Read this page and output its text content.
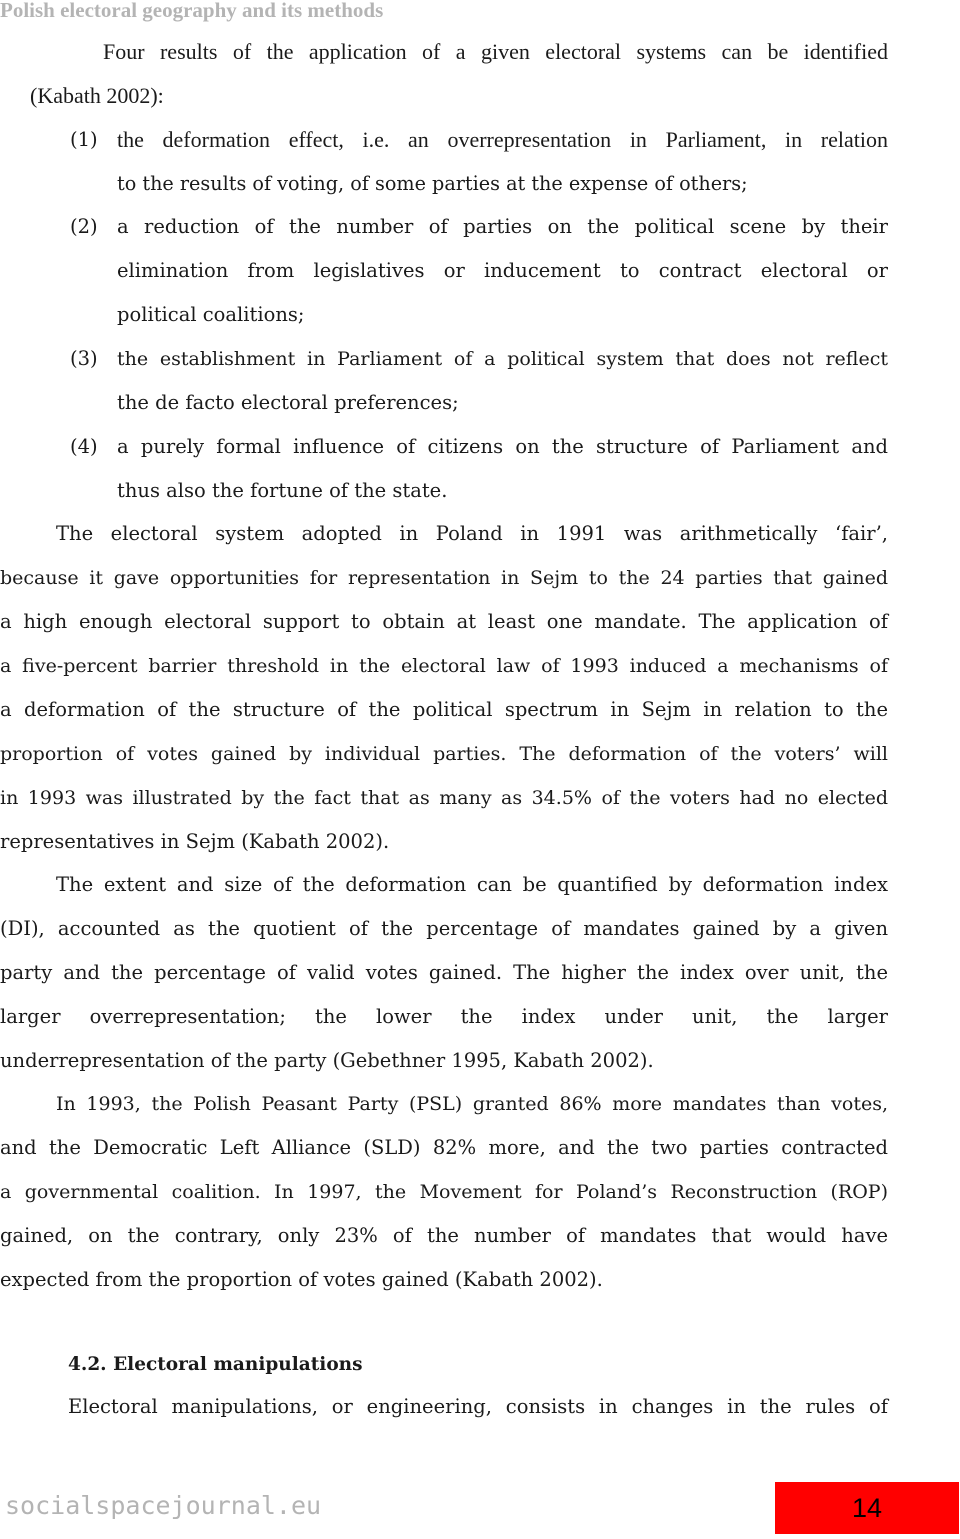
Polish electoral geography and its methods
Four results of the application of a given electoral systems can be identified
(Kabath 2002):
(1) the deformation effect, i.e. an overrepresentation in Parliament, in relation
to the results of voting, of some parties at the expense of others;
(2) a reduction of the number of parties on the political scene by their
elimination from legislatives or inducement to contract electoral or
political coalitions;
(3) the establishment in Parliament of a political system that does not reflect
the de facto electoral preferences;
(4) a purely formal influence of citizens on the structure of Parliament and
thus also the fortune of the state.
The electoral system adopted in Poland in 1991 was arithmetically ‘fair’,
because it gave opportunities for representation in Sejm to the 24 parties that gained
a high enough electoral support to obtain at least one mandate. The application of
a five-percent barrier threshold in the electoral law of 1993 induced a mechanisms of
a deformation of the structure of the political spectrum in Sejm in relation to the
proportion of votes gained by individual parties. The deformation of the voters’ will
in 1993 was illustrated by the fact that as many as 34.5% of the voters had no elected
representatives in Sejm (Kabath 2002).
The extent and size of the deformation can be quantified by deformation index
(DI), accounted as the quotient of the percentage of mandates gained by a given
party and the percentage of valid votes gained. The higher the index over unit, the
larger overrepresentation; the lower the index under unit, the larger
underrepresentation of the party (Gebethner 1995, Kabath 2002).
In 1993, the Polish Peasant Party (PSL) granted 86% more mandates than votes,
and the Democratic Left Alliance (SLD) 82% more, and the two parties contracted
a governmental coalition. In 1997, the Movement for Poland’s Reconstruction (ROP)
gained, on the contrary, only 23% of the number of mandates that would have
expected from the proportion of votes gained (Kabath 2002).
4.2. Electoral manipulations
Electoral manipulations, or engineering, consists in changes in the rules of
socialspacejournal.eu	14
